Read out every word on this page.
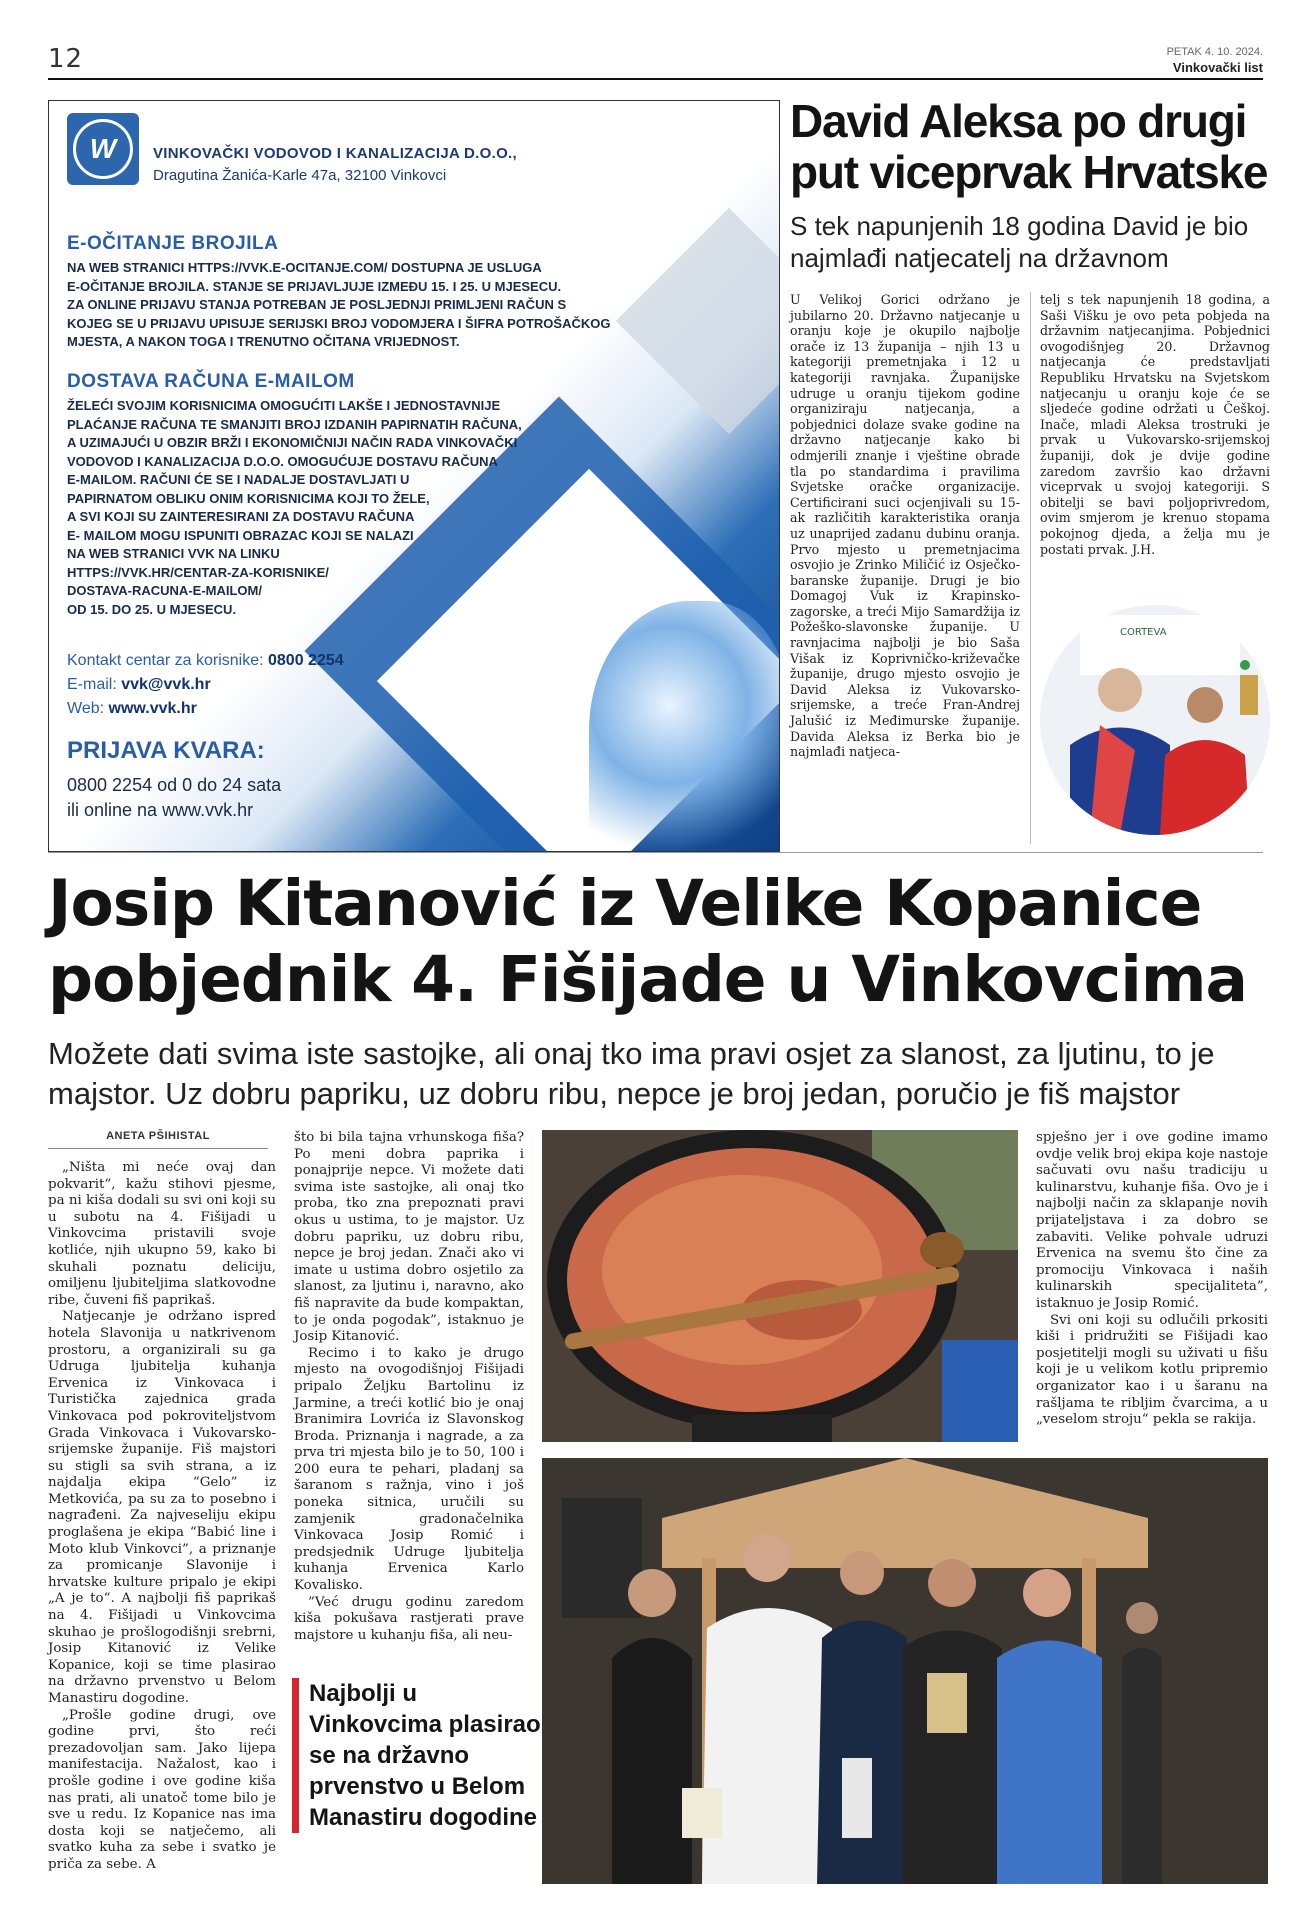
12	PETAK 4. 10. 2024.
Vinkovački list
W	VINKOVAČKI VODOVOD I KANALIZACIJA D.O.O.,
Dragutina Žanića-Karle 47a, 32100 Vinkovci
E-OČITANJE BROJILA
NA WEB STRANICI HTTPS://VVK.E-OCITANJE.COM/ DOSTUPNA JE USLUGA
E-OČITANJE BROJILA. STANJE SE PRIJAVLJUJE IZMEĐU 15. I 25. U MJESECU.
ZA ONLINE PRIJAVU STANJA POTREBAN JE POSLJEDNJI PRIMLJENI RAČUN S
KOJEG SE U PRIJAVU UPISUJE SERIJSKI BROJ VODOMJERA I ŠIFRA POTROŠAČKOG
MJESTA, A NAKON TOGA I TRENUTNO OČITANA VRIJEDNOST.
DOSTAVA RAČUNA E-MAILOM
ŽELEĆI SVOJIM KORISNICIMA OMOGUĆITI LAKŠE I JEDNOSTAVNIJE
PLAĆANJE RAČUNA TE SMANJITI BROJ IZDANIH PAPIRNATIH RAČUNA,
A UZIMAJUĆI U OBZIR BRŽI I EKONOMIČNIJI NAČIN RADA VINKOVAČKI
VODOVOD I KANALIZACIJA D.O.O. OMOGUĆUJE DOSTAVU RAČUNA
E-MAILOM. RAČUNI ĆE SE I NADALJE DOSTAVLJATI U
PAPIRNATOM OBLIKU ONIM KORISNICIMA KOJI TO ŽELE,
A SVI KOJI SU ZAINTERESIRANI ZA DOSTAVU RAČUNA
E- MAILOM MOGU ISPUNITI OBRAZAC KOJI SE NALAZI
NA WEB STRANICI VVK NA LINKU
HTTPS://VVK.HR/CENTAR-ZA-KORISNIKE/
DOSTAVA-RACUNA-E-MAILOM/
OD 15. DO 25. U MJESECU.
Kontakt centar za korisnike: 0800 2254
E-mail: vvk@vvk.hr
Web: www.vvk.hr
PRIJAVA KVARA:
0800 2254 od 0 do 24 sata
ili online na www.vvk.hr
David Aleksa po drugi put viceprvak Hrvatske
S tek napunjenih 18 godina David je bio najmlađi natjecatelj na državnom
U Velikoj Gorici održano je jubilarno 20. Državno natjecanje u oranju koje je okupilo najbolje orače iz 13 županija – njih 13 u kategoriji premetnjaka i 12 u kategoriji ravnjaka. Županijske udruge u oranju tijekom godine organiziraju natjecanja, a pobjednici dolaze svake godine na državno natjecanje kako bi odmjerili znanje i vještine obrade tla po standardima i pravilima Svjetske oračke organizacije. Certificirani suci ocjenjivali su 15-ak različitih karakteristika oranja uz unaprijed zadanu dubinu oranja. Prvo mjesto u premetnjacima osvojio je Zrinko Miličić iz Osječko-baranske županije. Drugi je bio Domagoj Vuk iz Krapinsko-zagorske, a treći Mijo Samardžija iz Požeško-slavonske županije. U ravnjacima najbolji je bio Saša Višak iz Koprivničko-križevačke županije, drugo mjesto osvojio je David Aleksa iz Vukovarsko-srijemske, a treće Fran-Andrej Jalušić iz Međimurske županije. Davida Aleksa iz Berka bio je najmlađi natjeca-
telj s tek napunjenih 18 godina, a Saši Višku je ovo peta pobjeda na državnim natjecanjima. Pobjednici ovogodišnjeg 20. Državnog natjecanja će predstavljati Republiku Hrvatsku na Svjetskom natjecanju u oranju koje će se sljedeće godine održati u Češkoj. Inače, mladi Aleksa trostruki je prvak u Vukovarsko-srijemskoj županiji, dok je dvije godine zaredom završio kao državni viceprvak u svojoj kategoriji. S obitelji se bavi poljoprivredom, ovim smjerom je krenuo stopama pokojnog djeda, a želja mu je postati prvak. J.H.
CORTEVA
Josip Kitanović iz Velike Kopanice pobjednik 4. Fišijade u Vinkovcima
Možete dati svima iste sastojke, ali onaj tko ima pravi osjet za slanost, za ljutinu, to je majstor. Uz dobru papriku, uz dobru ribu, nepce je broj jedan, poručio je fiš majstor
ANETA PŠIHISTAL

„Ništa mi neće ovaj dan pokvarit“, kažu stihovi pjesme, pa ni kiša dodali su svi oni koji su u subotu na 4. Fišijadi u Vinkovcima pristavili svoje kotliće, njih ukupno 59, kako bi skuhali poznatu deliciju, omiljenu ljubiteljima slatkovodne ribe, čuveni fiš paprikaš.

Natjecanje je održano ispred hotela Slavonija u natkrivenom prostoru, a organizirali su ga Udruga ljubitelja kuhanja Ervenica iz Vinkovaca i Turistička zajednica grada Vinkovaca pod pokroviteljstvom Grada Vinkovaca i Vukovarsko-srijemske županije. Fiš majstori su stigli sa svih strana, a iz najdalja ekipa “Gelo” iz Metkovića, pa su za to posebno i nagrađeni. Za najveseliju ekipu proglašena je ekipa “Babić line i Moto klub Vinkovci”, a priznanje za promicanje Slavonije i hrvatske kulture pripalo je ekipi „A je to“. A najbolji fiš paprikaš na 4. Fišijadi u Vinkovcima skuhao je prošlogodišnji srebrni, Josip Kitanović iz Velike Kopanice, koji se time plasirao na državno prvenstvo u Belom Manastiru dogodine.

„Prošle godine drugi, ove godine prvi, što reći prezadovoljan sam. Jako lijepa manifestacija. Nažalost, kao i prošle godine i ove godine kiša nas prati, ali unatoč tome bilo je sve u redu. Iz Kopanice nas ima dosta koji se natječemo, ali svatko kuha za sebe i svatko je priča za sebe. A

što bi bila tajna vrhunskoga fiša? Po meni dobra paprika i ponajprije nepce. Vi možete dati svima iste sastojke, ali onaj tko proba, tko zna prepoznati pravi okus u ustima, to je majstor. Uz dobru papriku, uz dobru ribu, nepce je broj jedan. Znači ako vi imate u ustima dobro osjetilo za slanost, za ljutinu i, naravno, ako fiš napravite da bude kompaktan, to je onda pogodak”, istaknuo je Josip Kitanović.

Recimo i to kako je drugo mjesto na ovogodišnjoj Fišijadi pripalo Željku Bartolinu iz Jarmine, a treći kotlić bio je onaj Branimira Lovrića iz Slavonskog Broda. Priznanja i nagrade, a za prva tri mjesta bilo je to 50, 100 i 200 eura te pehari, pladanj sa šaranom s ražnja, vino i još poneka sitnica, uručili su zamjenik gradonačelnika Vinkovaca Josip Romić i predsjednik Udruge ljubitelja kuhanja Ervenica Karlo Kovalisko.

”Već drugu godinu zaredom kiša pokušava rastjerati prave majstore u kuhanju fiša, ali neu-

Najbolji u Vinkovcima plasirao se na državno prvenstvo u Belom Manastiru dogodine

spješno jer i ove godine imamo ovdje velik broj ekipa koje nastoje sačuvati ovu našu tradiciju u kulinarstvu, kuhanje fiša. Ovo je i najbolji način za sklapanje novih prijateljstava i za dobro se zabaviti. Velike pohvale udruzi Ervenica na svemu što čine za promociju Vinkovaca i naših kulinarskih specijaliteta”, istaknuo je Josip Romić.

Svi oni koji su odlučili prkositi kiši i pridružiti se Fišijadi kao posjetitelji mogli su uživati u fišu koji je u velikom kotlu pripremio organizator kao i u šaranu na rašljama te ribljim čvarcima, a u „veselom stroju“ pekla se rakija.
